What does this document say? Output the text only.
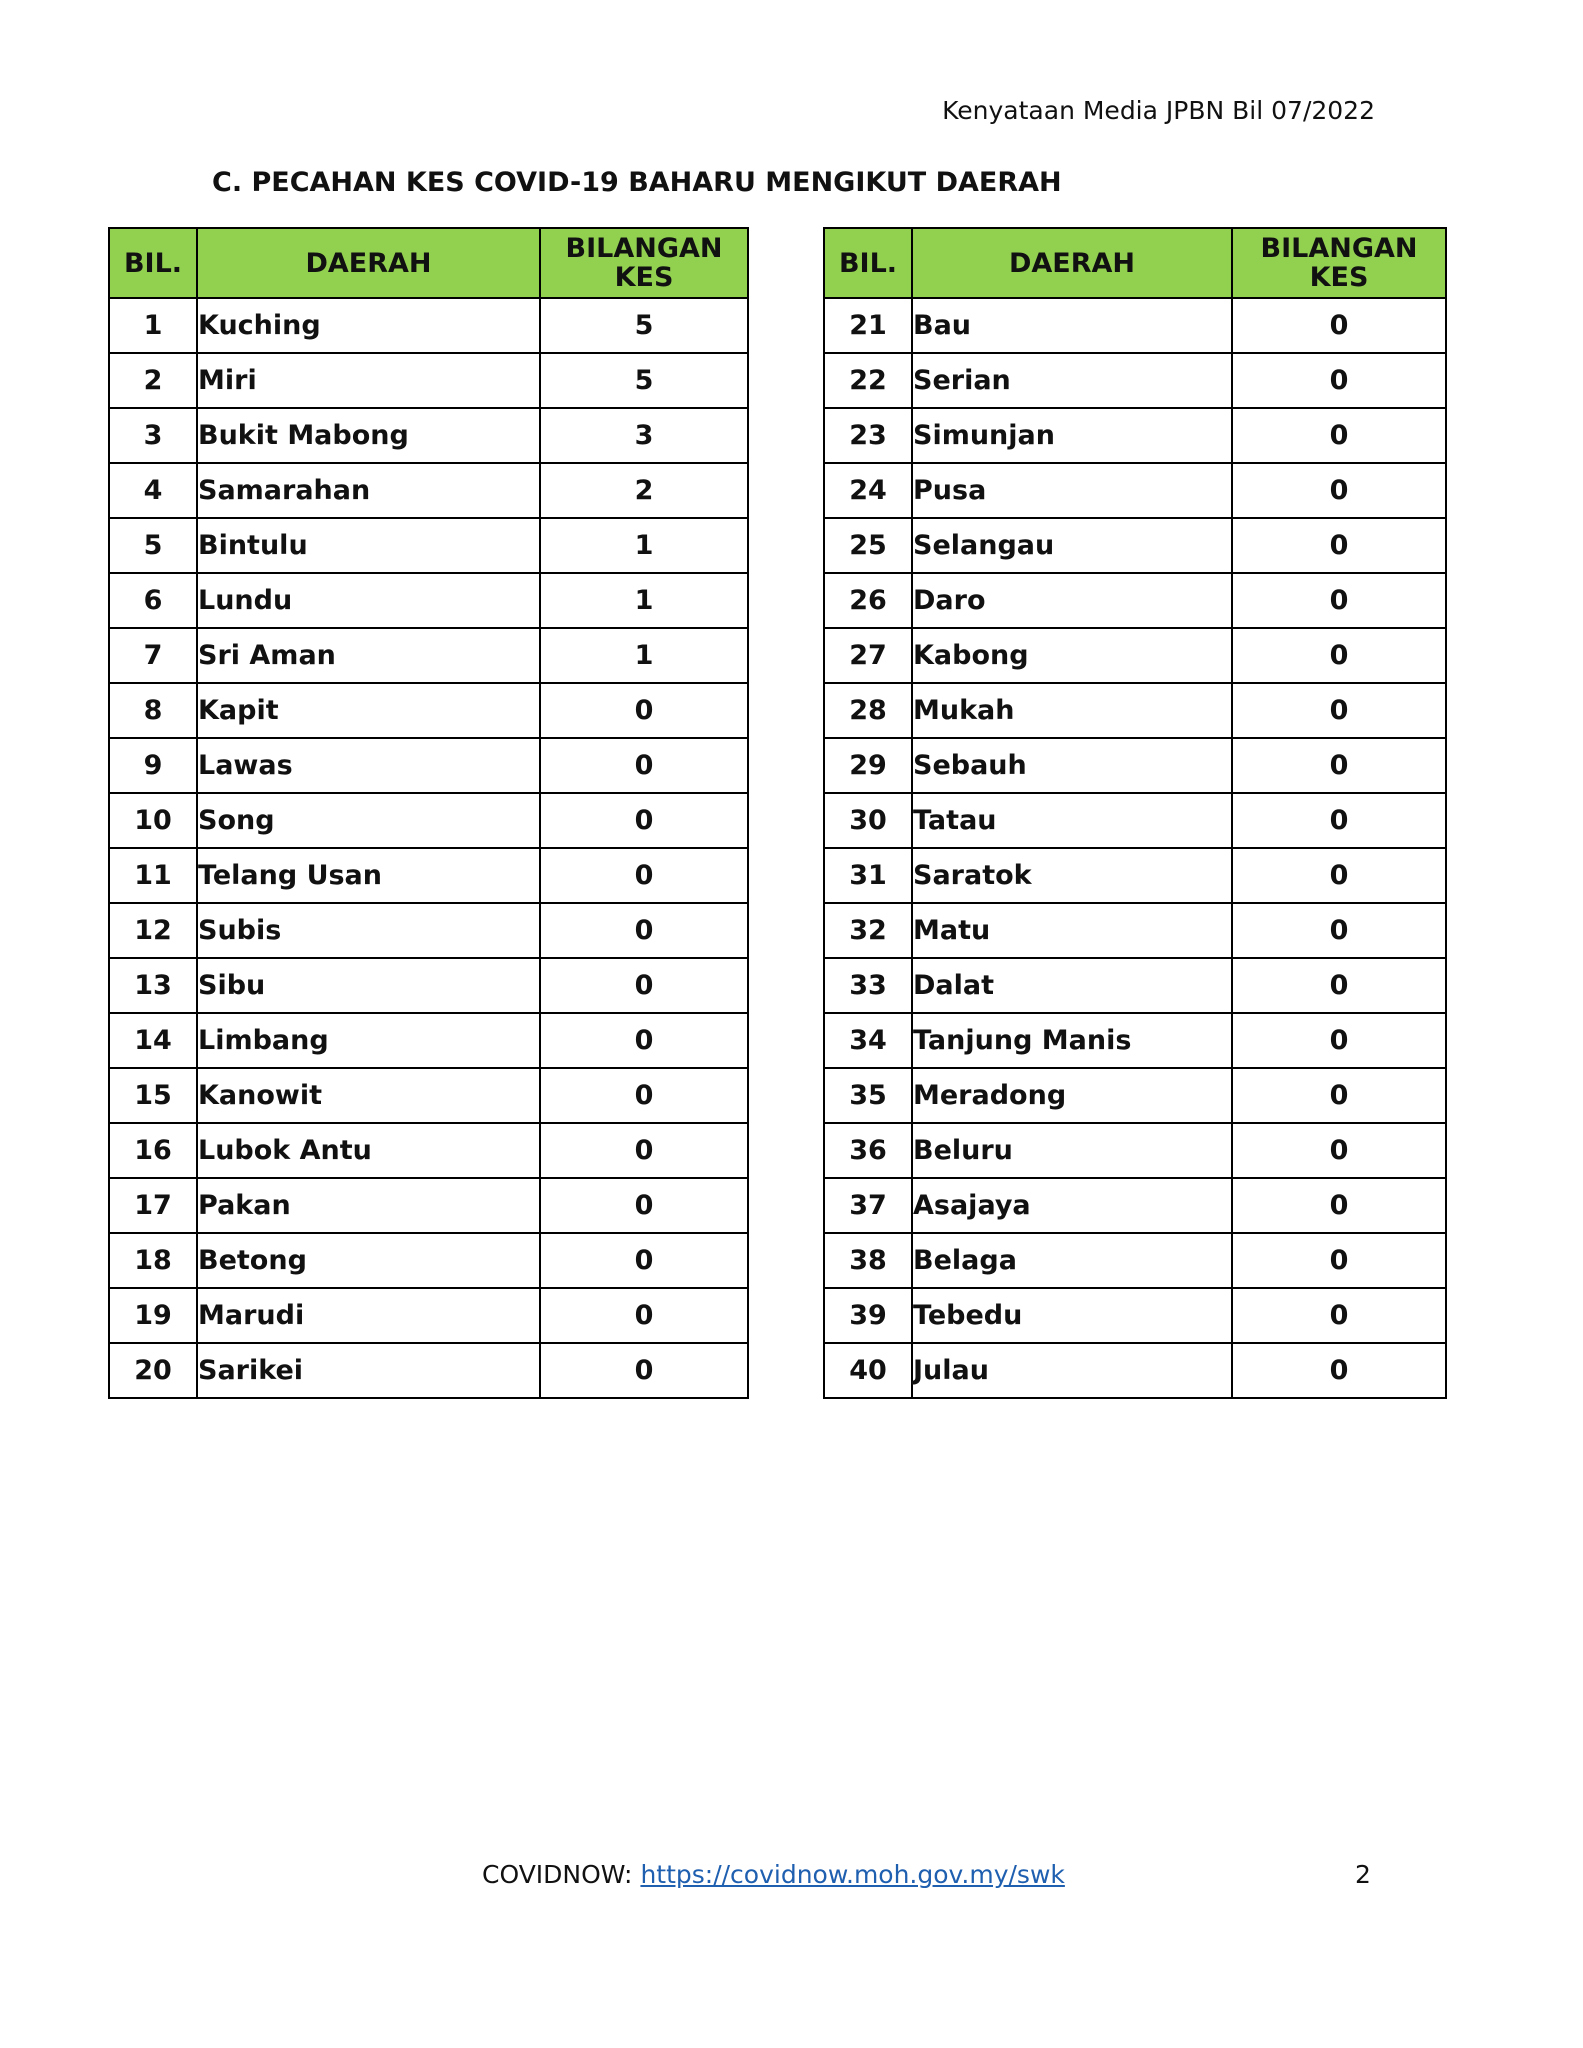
Kenyataan Media JPBN Bil 07/2022
C. PECAHAN KES COVID-19 BAHARU MENGIKUT DAERAH
BIL.	DAERAH	BILANGAN
KES

1	Kuching	5
2	Miri	5
3	Bukit Mabong	3
4	Samarahan	2
5	Bintulu	1
6	Lundu	1
7	Sri Aman	1
8	Kapit	0
9	Lawas	0
10	Song	0
11	Telang Usan	0
12	Subis	0
13	Sibu	0
14	Limbang	0
15	Kanowit	0
16	Lubok Antu	0
17	Pakan	0
18	Betong	0
19	Marudi	0
20	Sarikei	0
BIL.	DAERAH	BILANGAN
KES

21	Bau	0
22	Serian	0
23	Simunjan	0
24	Pusa	0
25	Selangau	0
26	Daro	0
27	Kabong	0
28	Mukah	0
29	Sebauh	0
30	Tatau	0
31	Saratok	0
32	Matu	0
33	Dalat	0
34	Tanjung Manis	0
35	Meradong	0
36	Beluru	0
37	Asajaya	0
38	Belaga	0
39	Tebedu	0
40	Julau	0
COVIDNOW: https://covidnow.moh.gov.my/swk	2
